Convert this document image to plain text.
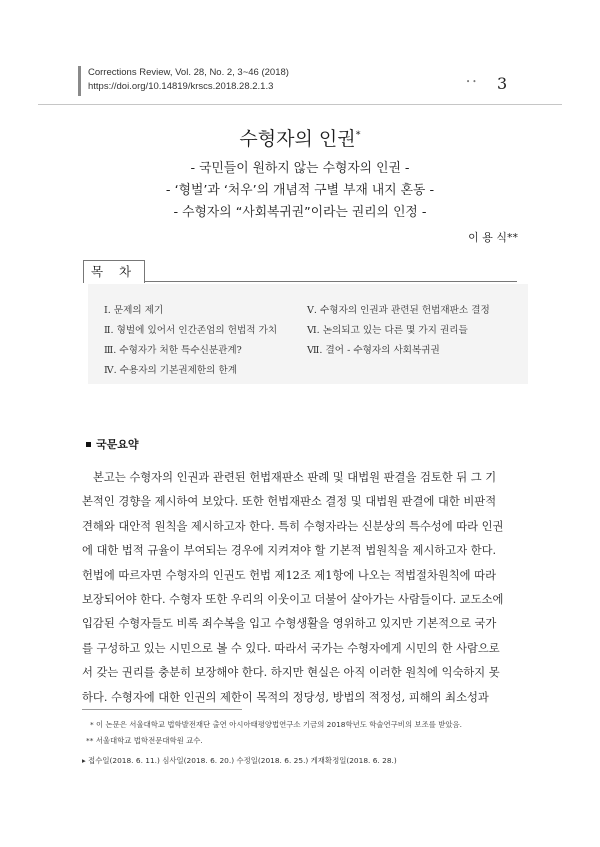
Corrections Review, Vol. 28, No. 2, 3~46 (2018)
https://doi.org/10.14819/krscs.2018.28.2.1.3	• • 3
수형자의 인권*
- 국민들이 원하지 않는 수형자의 인권 -
- ‘형벌’과 ‘처우’의 개념적 구별 부재 내지 혼동 -
- 수형자의 “사회복귀권”이라는 권리의 인정 -
이 용 식**
목 차
Ⅰ. 문제의 제기
Ⅱ. 형벌에 있어서 인간존엄의 헌법적 가치
Ⅲ. 수형자가 처한 특수신분관계?
Ⅳ. 수용자의 기본권제한의 한계
Ⅴ. 수형자의 인권과 관련된 헌법재판소 결정
Ⅵ. 논의되고 있는 다른 몇 가지 권리들
Ⅶ. 결어 - 수형자의 사회복귀권
국문요약
본고는 수형자의 인권과 관련된 헌법재판소 판례 및 대법원 판결을 검토한 뒤 그 기
본적인 경향을 제시하여 보았다. 또한 헌법재판소 결정 및 대법원 판결에 대한 비판적
견해와 대안적 원칙을 제시하고자 한다. 특히 수형자라는 신분상의 특수성에 따라 인권
에 대한 법적 규율이 부여되는 경우에 지켜져야 할 기본적 법원칙을 제시하고자 한다.
헌법에 따르자면 수형자의 인권도 헌법 제12조 제1항에 나오는 적법절차원칙에 따라
보장되어야 한다. 수형자 또한 우리의 이웃이고 더불어 살아가는 사람들이다. 교도소에
입감된 수형자들도 비록 죄수복을 입고 수형생활을 영위하고 있지만 기본적으로 국가
를 구성하고 있는 시민으로 볼 수 있다. 따라서 국가는 수형자에게 시민의 한 사람으로
서 갖는 권리를 충분히 보장해야 한다. 하지만 현실은 아직 이러한 원칙에 익숙하지 못
하다. 수형자에 대한 인권의 제한이 목적의 정당성, 방법의 적정성, 피해의 최소성과
* 이 논문은 서울대학교 법학발전재단 출연 아시아태평양법연구소 기금의 2018학년도 학술연구비의 보조를 받았음.
** 서울대학교 법학전문대학원 교수.
▸ 접수일(2018. 6. 11.) 심사일(2018. 6. 20.) 수정일(2018. 6. 25.) 게재확정일(2018. 6. 28.)
